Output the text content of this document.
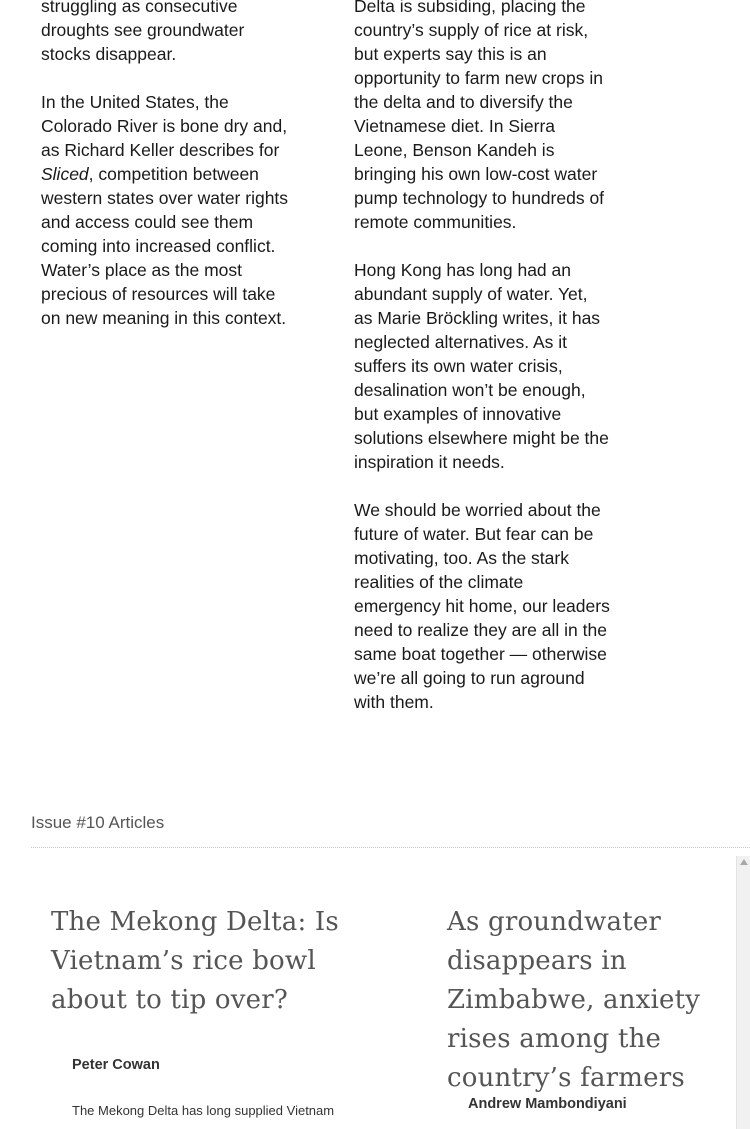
struggling as consecutive droughts see groundwater stocks disappear.

In the United States, the Colorado River is bone dry and, as Richard Keller describes for Sliced, competition between western states over water rights and access could see them coming into increased conflict. Water’s place as the most precious of resources will take on new meaning in this context.

Delta is subsiding, placing the country’s supply of rice at risk, but experts say this is an opportunity to farm new crops in the delta and to diversify the Vietnamese diet. In Sierra Leone, Benson Kandeh is bringing his own low-cost water pump technology to hundreds of remote communities.

Hong Kong has long had an abundant supply of water. Yet, as Marie Bröckling writes, it has neglected alternatives. As it suffers its own water crisis, desalination won’t be enough, but examples of innovative solutions elsewhere might be the inspiration it needs.

We should be worried about the future of water. But fear can be motivating, too. As the stark realities of the climate emergency hit home, our leaders need to realize they are all in the same boat together — otherwise we’re all going to run aground with them.

Issue #10 Articles
The Mekong Delta: Is Vietnam’s rice bowl about to tip over?
Peter Cowan
The Mekong Delta has long supplied Vietnam
As groundwater disappears in Zimbabwe, anxiety rises among the country’s farmers
Andrew Mambondiyani
